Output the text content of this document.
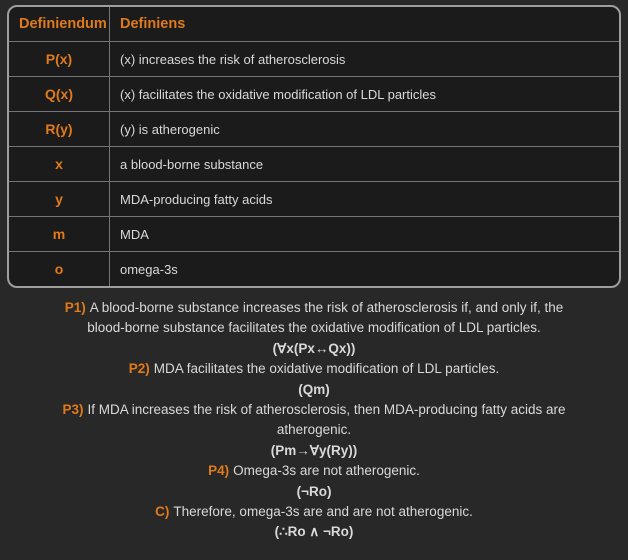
Definiendum Definiens
P(x)	(x) increases the risk of atherosclerosis
Q(x)	(x) facilitates the oxidative modification of LDL particles
R(y)	(y) is atherogenic
x	a blood-borne substance
y	MDA-producing fatty acids
m	MDA
o	omega-3s

P1) A blood-borne substance increases the risk of atherosclerosis if, and only if, the blood-borne substance facilitates the oxidative modification of LDL particles.

(∀x(Px↔Qx))

P2) MDA facilitates the oxidative modification of LDL particles.

(Qm)

P3) If MDA increases the risk of atherosclerosis, then MDA-producing fatty acids are atherogenic.

(Pm→∀y(Ry))

P4) Omega-3s are not atherogenic.

(¬Ro)

C) Therefore, omega-3s are and are not atherogenic.

(∴Ro ∧ ¬Ro)
